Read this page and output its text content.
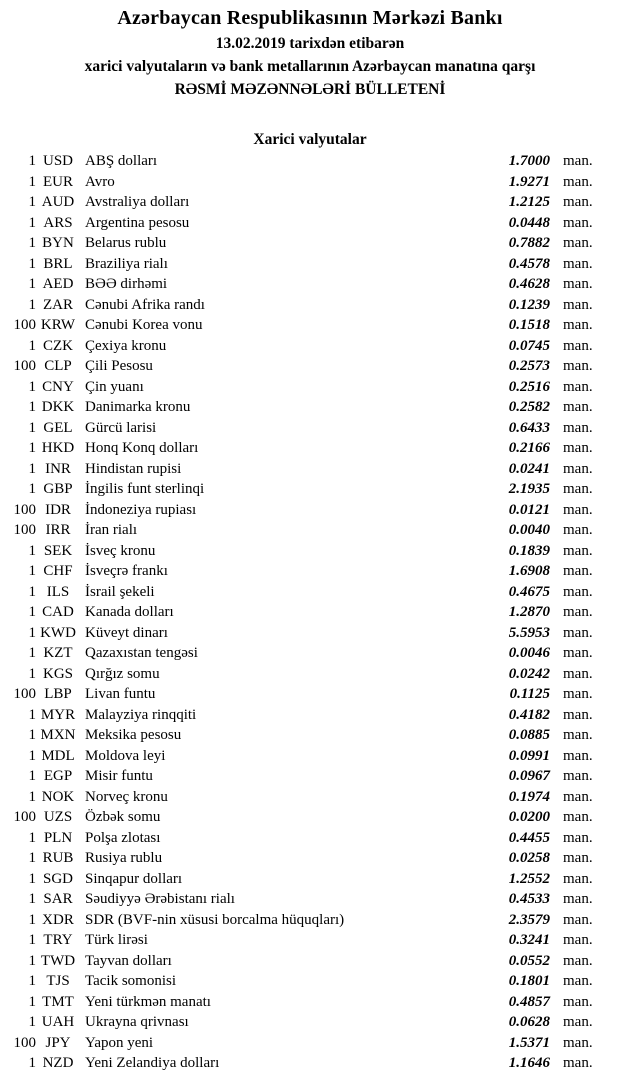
Azərbaycan Respublikasının Mərkəzi Bankı
13.02.2019 tarixdən etibarən
xarici valyutaların və bank metallarının Azərbaycan manatına qarşı
RƏSMİ MƏZƏNNƏLƏRİ BÜLLETENİ
Xarici valyutalar
1 USD ABŞ dolları	1.7000 man.
1 EUR Avro	1.9271 man.
1 AUD Avstraliya dolları	1.2125 man.
1 ARS Argentina pesosu	0.0448 man.
1 BYN Belarus rublu	0.7882 man.
1 BRL Braziliya rialı	0.4578 man.
1 AED BƏƏ dirhəmi	0.4628 man.
1 ZAR Cənubi Afrika randı	0.1239 man.
100 KRW Cənubi Korea vonu	0.1518 man.
1 CZK Çexiya kronu	0.0745 man.
100 CLP Çili Pesosu	0.2573 man.
1 CNY Çin yuanı	0.2516 man.
1 DKK Danimarka kronu	0.2582 man.
1 GEL Gürcü larisi	0.6433 man.
1 HKD Honq Konq dolları	0.2166 man.
1 INR Hindistan rupisi	0.0241 man.
1 GBP İngilis funt sterlinqi	2.1935 man.
100 IDR İndoneziya rupiası	0.0121 man.
100 IRR İran rialı	0.0040 man.
1 SEK İsveç kronu	0.1839 man.
1 CHF İsveçrə frankı	1.6908 man.
1 ILS	İsrail şekeli	0.4675 man.
1 CAD Kanada dolları	1.2870 man.
1 KWD Küveyt dinarı	5.5953 man.
1 KZT Qazaxıstan tengəsi	0.0046 man.
1 KGS Qırğız somu	0.0242 man.
100 LBP Livan funtu	0.1125 man.
1 MYR Malayziya rinqqiti	0.4182 man.
1 MXN Meksika pesosu	0.0885 man.
1 MDL Moldova leyi	0.0991 man.
1 EGP Misir funtu	0.0967 man.
1 NOK Norveç kronu	0.1974 man.
100 UZS Özbək somu	0.0200 man.
1 PLN Polşa zlotası	0.4455 man.
1 RUB Rusiya rublu	0.0258 man.
1 SGD Sinqapur dolları	1.2552 man.
1 SAR Səudiyyə Ərəbistanı rialı	0.4533 man.
1 XDR SDR (BVF-nin xüsusi borcalma hüquqları)	2.3579 man.
1 TRY Türk lirəsi	0.3241 man.
1 TWD Tayvan dolları	0.0552 man.
1 TJS	Tacik somonisi	0.1801 man.
1 TMT Yeni türkmən manatı	0.4857 man.
1 UAH Ukrayna qrivnası	0.0628 man.
100 JPY Yapon yeni	1.5371 man.
1 NZD Yeni Zelandiya dolları	1.1646 man.
